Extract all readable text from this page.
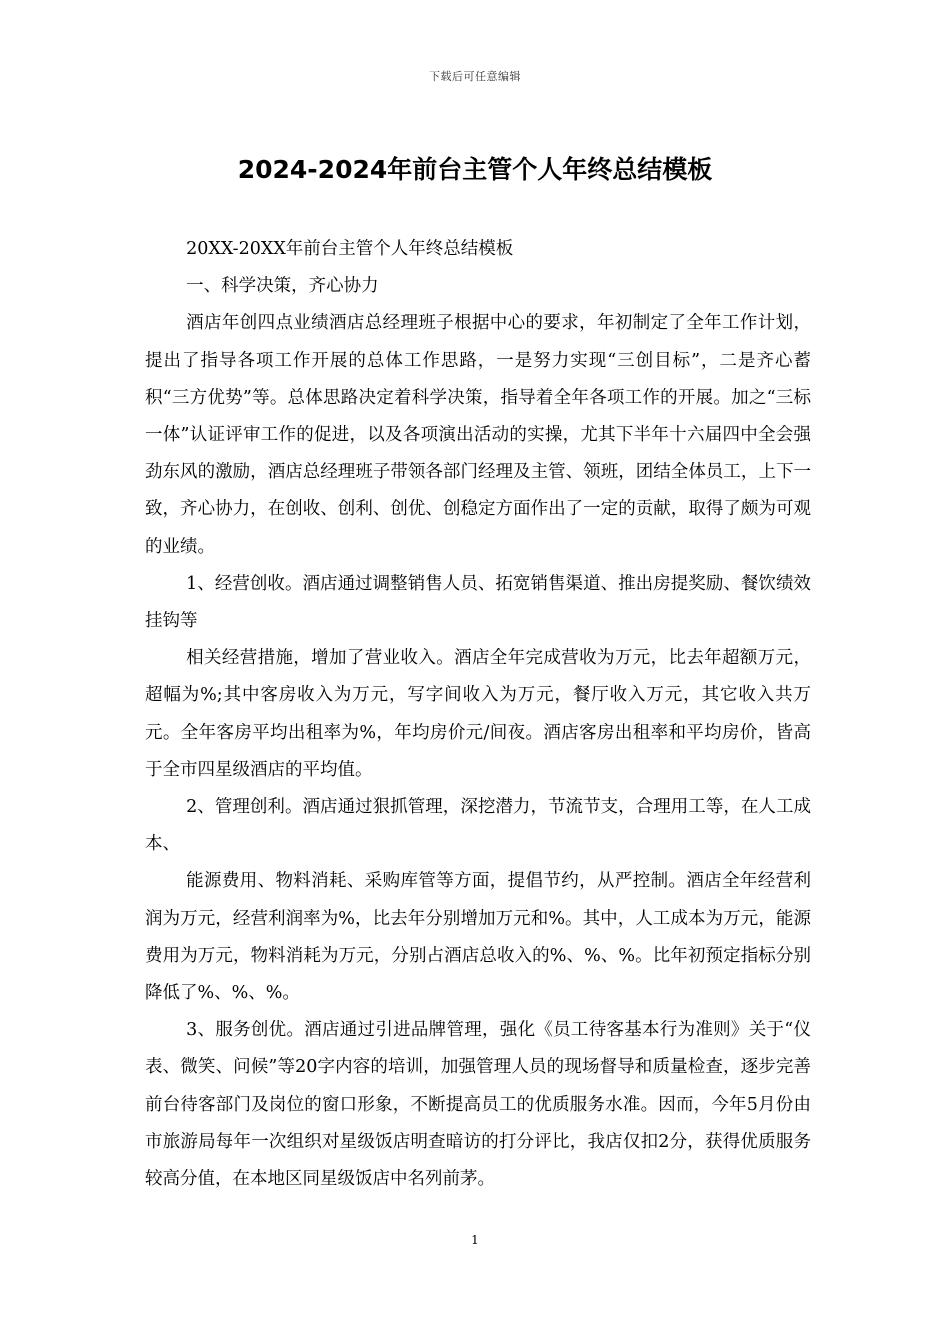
下载后可任意编辑
2024-2024年前台主管个人年终总结模板

20XX-20XX年前台主管个人年终总结模板

一、科学决策，齐心协力

酒店年创四点业绩酒店总经理班子根据中心的要求，年初制定了全年工作计划，提出了指导各项工作开展的总体工作思路，一是努力实现“三创目标”，二是齐心蓄积“三方优势”等。总体思路决定着科学决策，指导着全年各项工作的开展。加之“三标一体”认证评审工作的促进，以及各项演出活动的实操，尤其下半年十六届四中全会强劲东风的激励，酒店总经理班子带领各部门经理及主管、领班，团结全体员工，上下一致，齐心协力，在创收、创利、创优、创稳定方面作出了一定的贡献，取得了颇为可观的业绩。

1、经营创收。酒店通过调整销售人员、拓宽销售渠道、推出房提奖励、餐饮绩效挂钩等

相关经营措施，增加了营业收入。酒店全年完成营收为万元，比去年超额万元，超幅为%;其中客房收入为万元，写字间收入为万元，餐厅收入万元，其它收入共万元。全年客房平均出租率为%，年均房价元/间夜。酒店客房出租率和平均房价，皆高于全市四星级酒店的平均值。

2、管理创利。酒店通过狠抓管理，深挖潜力，节流节支，合理用工等，在人工成本、

能源费用、物料消耗、采购库管等方面，提倡节约，从严控制。酒店全年经营利润为万元，经营利润率为%，比去年分别增加万元和%。其中，人工成本为万元，能源费用为万元，物料消耗为万元，分别占酒店总收入的%、%、%。比年初预定指标分别降低了%、%、%。

3、服务创优。酒店通过引进品牌管理，强化《员工待客基本行为准则》关于“仪表、微笑、问候”等20字内容的培训，加强管理人员的现场督导和质量检查，逐步完善前台待客部门及岗位的窗口形象，不断提高员工的优质服务水准。因而，今年5月份由市旅游局每年一次组织对星级饭店明查暗访的打分评比，我店仅扣2分，获得优质服务较高分值，在本地区同星级饭店中名列前茅。

1
